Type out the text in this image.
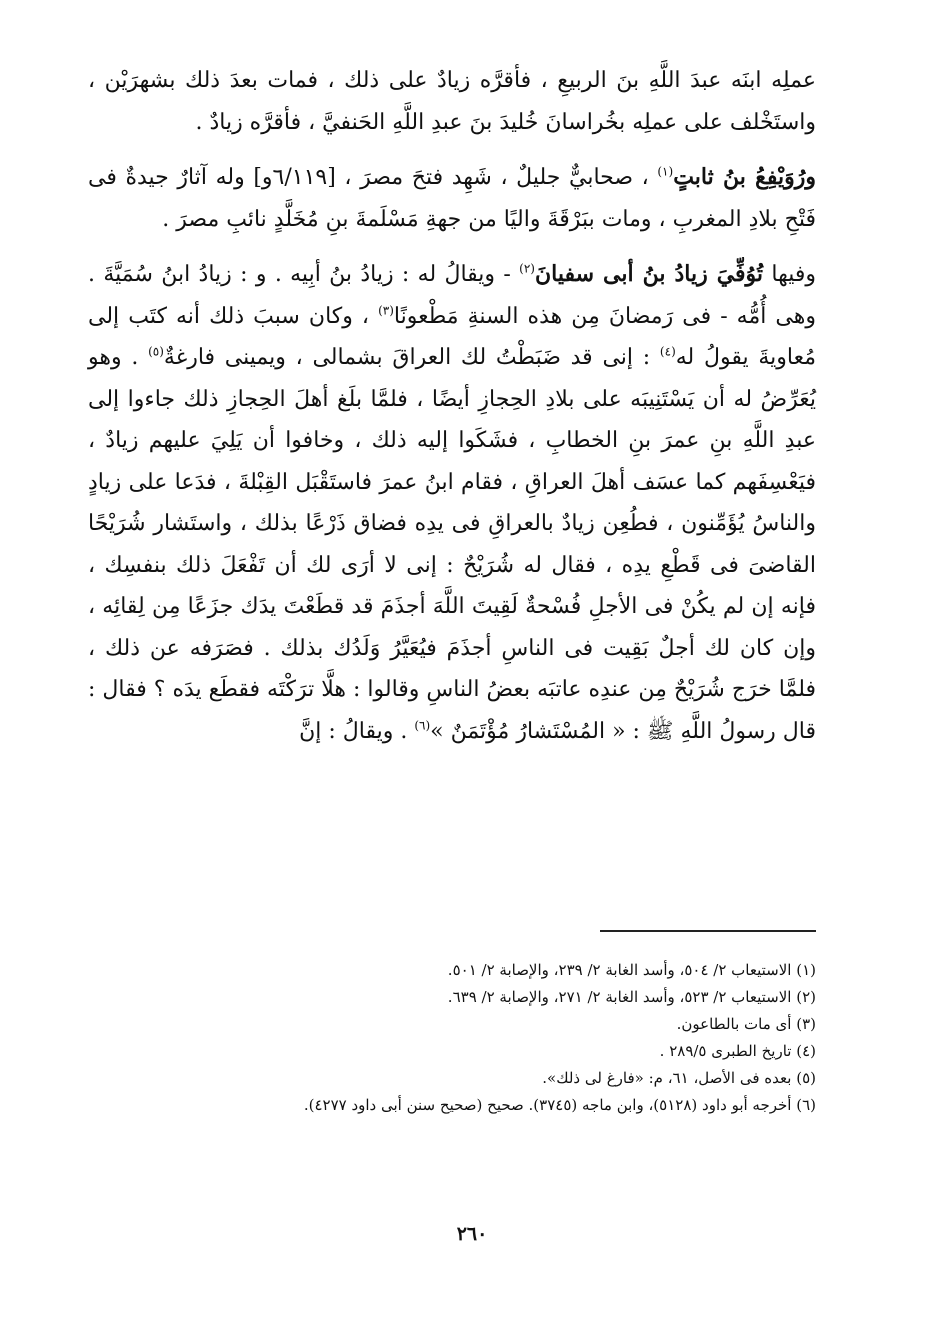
عملِه ابنَه عبدَ اللَّهِ بنَ الربيعِ ، فأقرَّه زيادٌ على ذلك ، فمات بعدَ ذلك بشهرَيْن ، واستَخْلف على عملِه بخُراسانَ خُليدَ بنَ عبدِ اللَّهِ الحَنفيَّ ، فأقرَّه زيادٌ .

ورُوَيْفِعُ بنُ ثابتٍ$^{(١)}$ ، صحابيٌّ جليلٌ ، شَهِد فتحَ مصرَ ، [٦/١١٩و] وله آثارٌ جيدةٌ فى فَتْحِ بلادِ المغربِ ، ومات ببَرْقَةَ واليًا من جهةِ مَسْلَمةَ بنِ مُخَلَّدٍ نائبِ مصرَ .

وفيها تُوُفِّيَ زيادُ بنُ أبى سفيانَ$^{(٢)}$ - ويقالُ له : زيادُ بنُ أبِيه . و : زيادُ ابنُ سُمَيَّةَ . وهى أُمُّه - فى رَمضانَ مِن هذه السنةِ مَطْعونًا$^{(٣)}$ ، وكان سببَ ذلك أنه كتَب إلى مُعاويةَ يقولُ له$^{(٤)}$ : إنى قد ضَبَطْتُ لك العراقَ بشمالى ، ويمينى فارغةٌ$^{(٥)}$ . وهو يُعَرِّضُ له أن يَسْتَنِيبَه على بلادِ الحِجازِ أيضًا ، فلمَّا بلَغ أهلَ الحِجازِ ذلك جاءوا إلى عبدِ اللَّهِ بنِ عمرَ بنِ الخطابِ ، فشَكَوا إليه ذلك ، وخافوا أن يَلِيَ عليهم زيادٌ ، فيَعْسِفَهم كما عسَف أهلَ العراقِ ، فقام ابنُ عمرَ فاستَقْبَل القِبْلةَ ، فدَعا على زيادٍ والناسُ يُؤَمِّنون ، فطُعِن زيادٌ بالعراقِ فى يدِه فضاق ذَرْعًا بذلك ، واستَشار شُرَيْحًا القاضىَ فى قَطْعِ يدِه ، فقال له شُرَيْحٌ : إنى لا أرَى لك أن تَفْعَلَ ذلك بنفسِك ، فإنه إن لم يكُنْ فى الأجلِ فُسْحةٌ لَقِيتَ اللَّهَ أجذَمَ قد قطَعْتَ يدَك جزَعًا مِن لِقائِه ، وإن كان لك أجلٌ بَقِيت فى الناسِ أجذَمَ فيُعَيَّرُ وَلَدُك بذلك . فصَرَفه عن ذلك ، فلمَّا خرَج شُرَيْحٌ مِن عندِه عاتبَه بعضُ الناسِ وقالوا : هلَّا ترَكْتَه فقطَع يدَه ؟ فقال : قال رسولُ اللَّهِ ﷺ : « المُسْتَشارُ مُؤْتَمَنٌ »$^{(٦)}$ . ويقالُ : إنَّ

(١) الاستيعاب ٢/ ٥٠٤، وأسد الغابة ٢/ ٢٣٩، والإصابة ٢/ ٥٠١.
(٢) الاستيعاب ٢/ ٥٢٣، وأسد الغابة ٢/ ٢٧١، والإصابة ٢/ ٦٣٩.
(٣) أى مات بالطاعون.
(٤) تاريخ الطبرى ٢٨٩/٥ .
(٥) بعده فى الأصل، ٦١، م: «فارغ لى ذلك».
(٦) أخرجه أبو داود (٥١٢٨)، وابن ماجه (٣٧٤٥). صحيح (صحيح سنن أبى داود ٤٢٧٧).
٢٦٠
